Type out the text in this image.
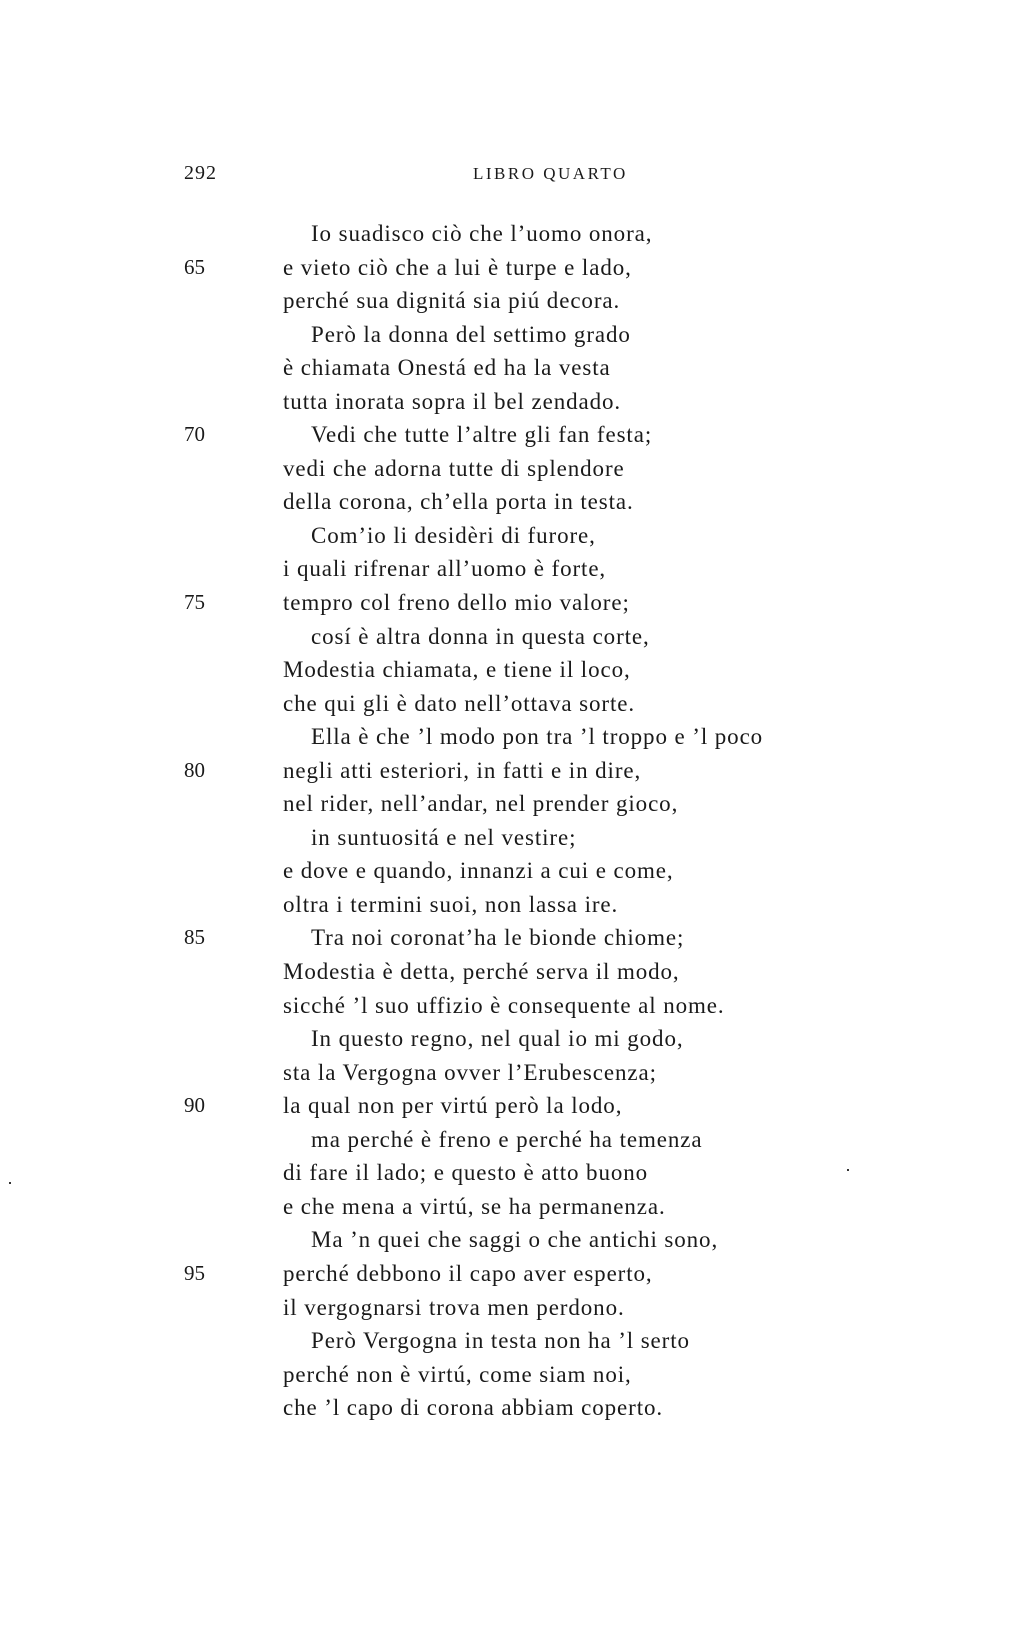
292	LIBRO QUARTO
Io suadisco ciò che l’uomo onora,
65	e vieto ciò che a lui è turpe e lado,
perché sua dignitá sia piú decora.
Però la donna del settimo grado
è chiamata Onestá ed ha la vesta
tutta inorata sopra il bel zendado.
70	Vedi che tutte l’altre gli fan festa;
vedi che adorna tutte di splendore
della corona, ch’ella porta in testa.
Com’io li desidèri di furore,
i quali rifrenar all’uomo è forte,
75	tempro col freno dello mio valore;
cosí è altra donna in questa corte,
Modestia chiamata, e tiene il loco,
che qui gli è dato nell’ottava sorte.
Ella è che ’l modo pon tra ’l troppo e ’l poco
80	negli atti esteriori, in fatti e in dire,
nel rider, nell’andar, nel prender gioco,
in suntuositá e nel vestire;
e dove e quando, innanzi a cui e come,
oltra i termini suoi, non lassa ire.
85	Tra noi coronat’ha le bionde chiome;
Modestia è detta, perché serva il modo,
sicché ’l suo uffizio è consequente al nome.
In questo regno, nel qual io mi godo,
sta la Vergogna ovver l’Erubescenza;
90	la qual non per virtú però la lodo,
ma perché è freno e perché ha temenza
di fare il lado; e questo è atto buono
e che mena a virtú, se ha permanenza.
Ma ’n quei che saggi o che antichi sono,
95	perché debbono il capo aver esperto,
il vergognarsi trova men perdono.
Però Vergogna in testa non ha ’l serto
perché non è virtú, come siam noi,
che ’l capo di corona abbiam coperto.
